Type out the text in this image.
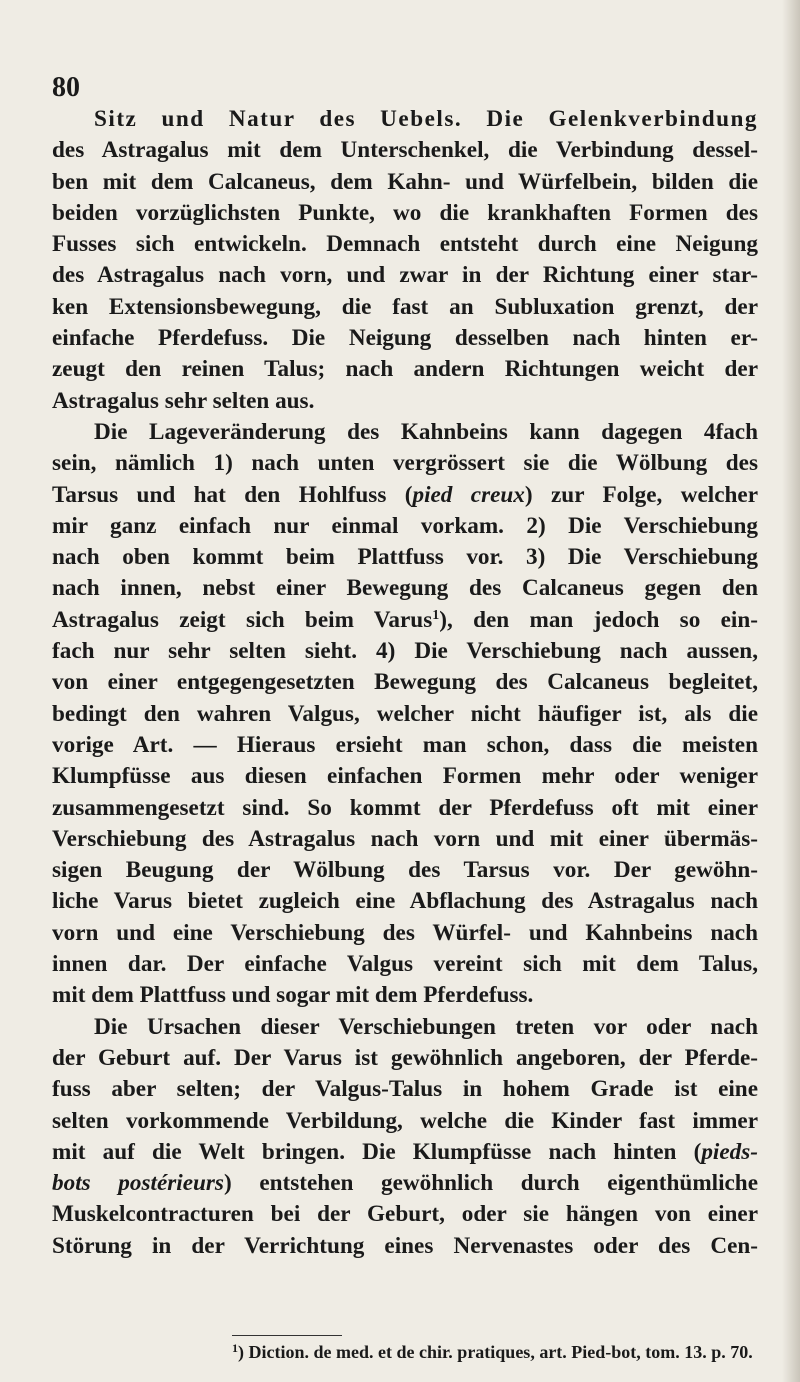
80
Sitz und Natur des Uebels. Die Gelenkverbindung
des Astragalus mit dem Unterschenkel, die Verbindung dessel-
ben mit dem Calcaneus, dem Kahn- und Würfelbein, bilden die
beiden vorzüglichsten Punkte, wo die krankhaften Formen des
Fusses sich entwickeln. Demnach entsteht durch eine Neigung
des Astragalus nach vorn, und zwar in der Richtung einer star-
ken Extensionsbewegung, die fast an Subluxation grenzt, der
einfache Pferdefuss. Die Neigung desselben nach hinten er-
zeugt den reinen Talus; nach andern Richtungen weicht der
Astragalus sehr selten aus.
Die Lageveränderung des Kahnbeins kann dagegen 4fach
sein, nämlich 1) nach unten vergrössert sie die Wölbung des
Tarsus und hat den Hohlfuss (pied creux) zur Folge, welcher
mir ganz einfach nur einmal vorkam. 2) Die Verschiebung
nach oben kommt beim Plattfuss vor. 3) Die Verschiebung
nach innen, nebst einer Bewegung des Calcaneus gegen den
Astragalus zeigt sich beim Varus$^1$), den man jedoch so ein-
fach nur sehr selten sieht. 4) Die Verschiebung nach aussen,
von einer entgegengesetzten Bewegung des Calcaneus begleitet,
bedingt den wahren Valgus, welcher nicht häufiger ist, als die
vorige Art. — Hieraus ersieht man schon, dass die meisten
Klumpfüsse aus diesen einfachen Formen mehr oder weniger
zusammengesetzt sind. So kommt der Pferdefuss oft mit einer
Verschiebung des Astragalus nach vorn und mit einer übermäs-
sigen Beugung der Wölbung des Tarsus vor. Der gewöhn-
liche Varus bietet zugleich eine Abflachung des Astragalus nach
vorn und eine Verschiebung des Würfel- und Kahnbeins nach
innen dar. Der einfache Valgus vereint sich mit dem Talus,
mit dem Plattfuss und sogar mit dem Pferdefuss.
Die Ursachen dieser Verschiebungen treten vor oder nach
der Geburt auf. Der Varus ist gewöhnlich angeboren, der Pferde-
fuss aber selten; der Valgus-Talus in hohem Grade ist eine
selten vorkommende Verbildung, welche die Kinder fast immer
mit auf die Welt bringen. Die Klumpfüsse nach hinten (pieds-
bots postérieurs) entstehen gewöhnlich durch eigenthümliche
Muskelcontracturen bei der Geburt, oder sie hängen von einer
Störung in der Verrichtung eines Nervenastes oder des Cen-
$^1$) Diction. de med. et de chir. pratiques, art. Pied-bot, tom. 13. p. 70.
